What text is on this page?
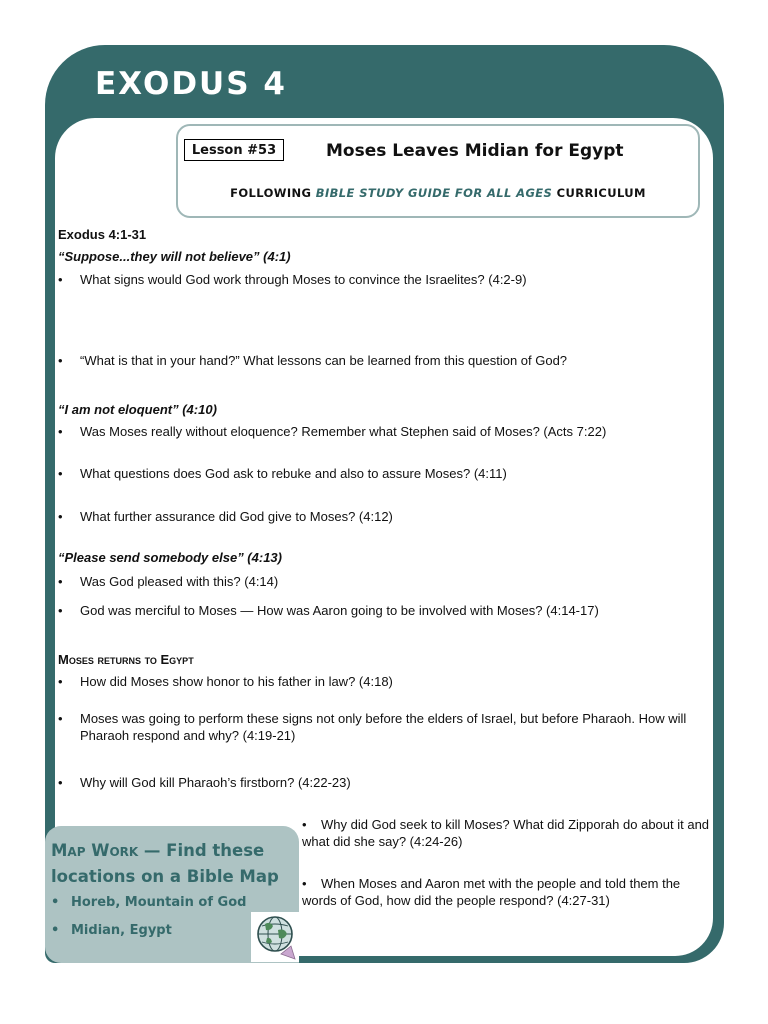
EXODUS 4
Lesson #53	Moses Leaves Midian for Egypt
FOLLOWING BIBLE STUDY GUIDE FOR ALL AGES CURRICULUM
Exodus 4:1-31
“Suppose...they will not believe” (4:1)
• What signs would God work through Moses to convince the Israelites? (4:2-9)
• “What is that in your hand?” What lessons can be learned from this question of God?
“I am not eloquent” (4:10)
• Was Moses really without eloquence? Remember what Stephen said of Moses? (Acts 7:22)
• What questions does God ask to rebuke and also to assure Moses? (4:11)
• What further assurance did God give to Moses? (4:12)
“Please send somebody else” (4:13)
• Was God pleased with this? (4:14)
• God was merciful to Moses — How was Aaron going to be involved with Moses? (4:14-17)
Moses returns to Egypt
• How did Moses show honor to his father in law? (4:18)
• Moses was going to perform these signs not only before the elders of Israel, but before Pharaoh. How will Pharaoh respond and why? (4:19-21)
• Why will God kill Pharaoh’s firstborn? (4:22-23)
•    Why did God seek to kill Moses? What did Zipporah do about it and what did she say? (4:24-26)
•    When Moses and Aaron met with the people and told them the words of God, how did the people respond? (4:27-31)
Map Work — Find these locations on a Bible Map
• Horeb, Mountain of God
• Midian, Egypt
